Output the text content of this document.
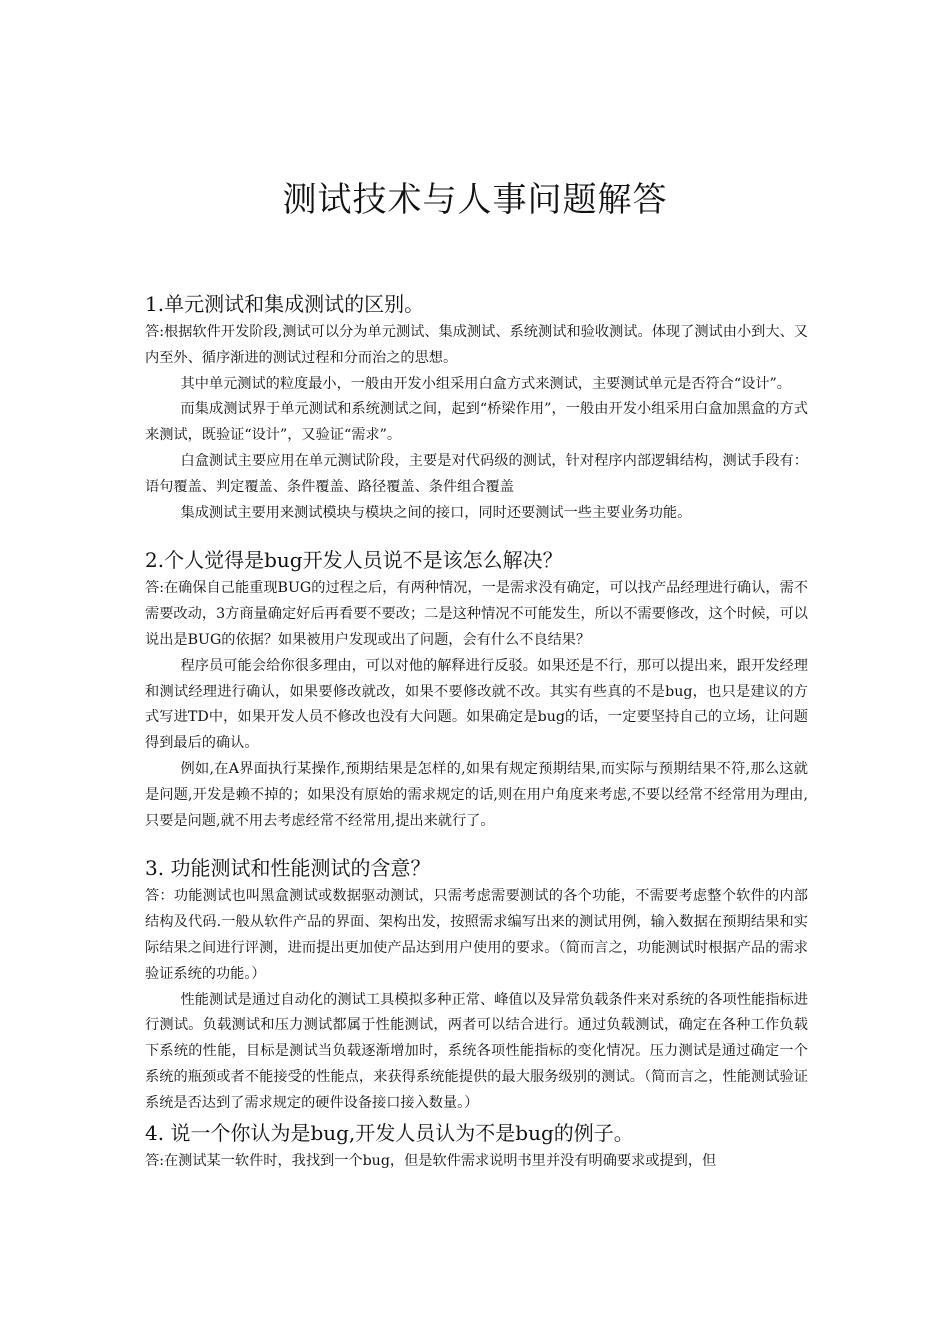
测试技术与人事问题解答

1.单元测试和集成测试的区别。

答:根据软件开发阶段,测试可以分为单元测试、集成测试、系统测试和验收测试。体现了测试由小到大、又内至外、循序渐进的测试过程和分而治之的思想。

其中单元测试的粒度最小，一般由开发小组采用白盒方式来测试，主要测试单元是否符合“设计”。

而集成测试界于单元测试和系统测试之间，起到“桥梁作用”，一般由开发小组采用白盒加黑盒的方式来测试，既验证“设计”，又验证“需求”。

白盒测试主要应用在单元测试阶段，主要是对代码级的测试，针对程序内部逻辑结构，测试手段有：语句覆盖、判定覆盖、条件覆盖、路径覆盖、条件组合覆盖

集成测试主要用来测试模块与模块之间的接口，同时还要测试一些主要业务功能。

2.个人觉得是bug开发人员说不是该怎么解决？

答:在确保自己能重现BUG的过程之后，有两种情况，一是需求没有确定，可以找产品经理进行确认，需不需要改动，3方商量确定好后再看要不要改；二是这种情况不可能发生，所以不需要修改，这个时候，可以说出是BUG的依据？如果被用户发现或出了问题，会有什么不良结果？

程序员可能会给你很多理由，可以对他的解释进行反驳。如果还是不行，那可以提出来，跟开发经理和测试经理进行确认，如果要修改就改，如果不要修改就不改。其实有些真的不是bug，也只是建议的方式写进TD中，如果开发人员不修改也没有大问题。如果确定是bug的话，一定要坚持自己的立场，让问题得到最后的确认。

例如,在A界面执行某操作,预期结果是怎样的,如果有规定预期结果,而实际与预期结果不符,那么这就是问题,开发是赖不掉的；如果没有原始的需求规定的话,则在用户角度来考虑,不要以经常不经常用为理由,只要是问题,就不用去考虑经常不经常用,提出来就行了。

3. 功能测试和性能测试的含意？

答：功能测试也叫黑盒测试或数据驱动测试，只需考虑需要测试的各个功能，不需要考虑整个软件的内部结构及代码.一般从软件产品的界面、架构出发，按照需求编写出来的测试用例，输入数据在预期结果和实际结果之间进行评测，进而提出更加使产品达到用户使用的要求。（简而言之，功能测试时根据产品的需求验证系统的功能。）

性能测试是通过自动化的测试工具模拟多种正常、峰值以及异常负载条件来对系统的各项性能指标进行测试。负载测试和压力测试都属于性能测试，两者可以结合进行。通过负载测试，确定在各种工作负载下系统的性能，目标是测试当负载逐渐增加时，系统各项性能指标的变化情况。压力测试是通过确定一个系统的瓶颈或者不能接受的性能点，来获得系统能提供的最大服务级别的测试。（简而言之，性能测试验证系统是否达到了需求规定的硬件设备接口接入数量。）

4. 说一个你认为是bug,开发人员认为不是bug的例子。

答:在测试某一软件时，我找到一个bug，但是软件需求说明书里并没有明确要求或提到，但
